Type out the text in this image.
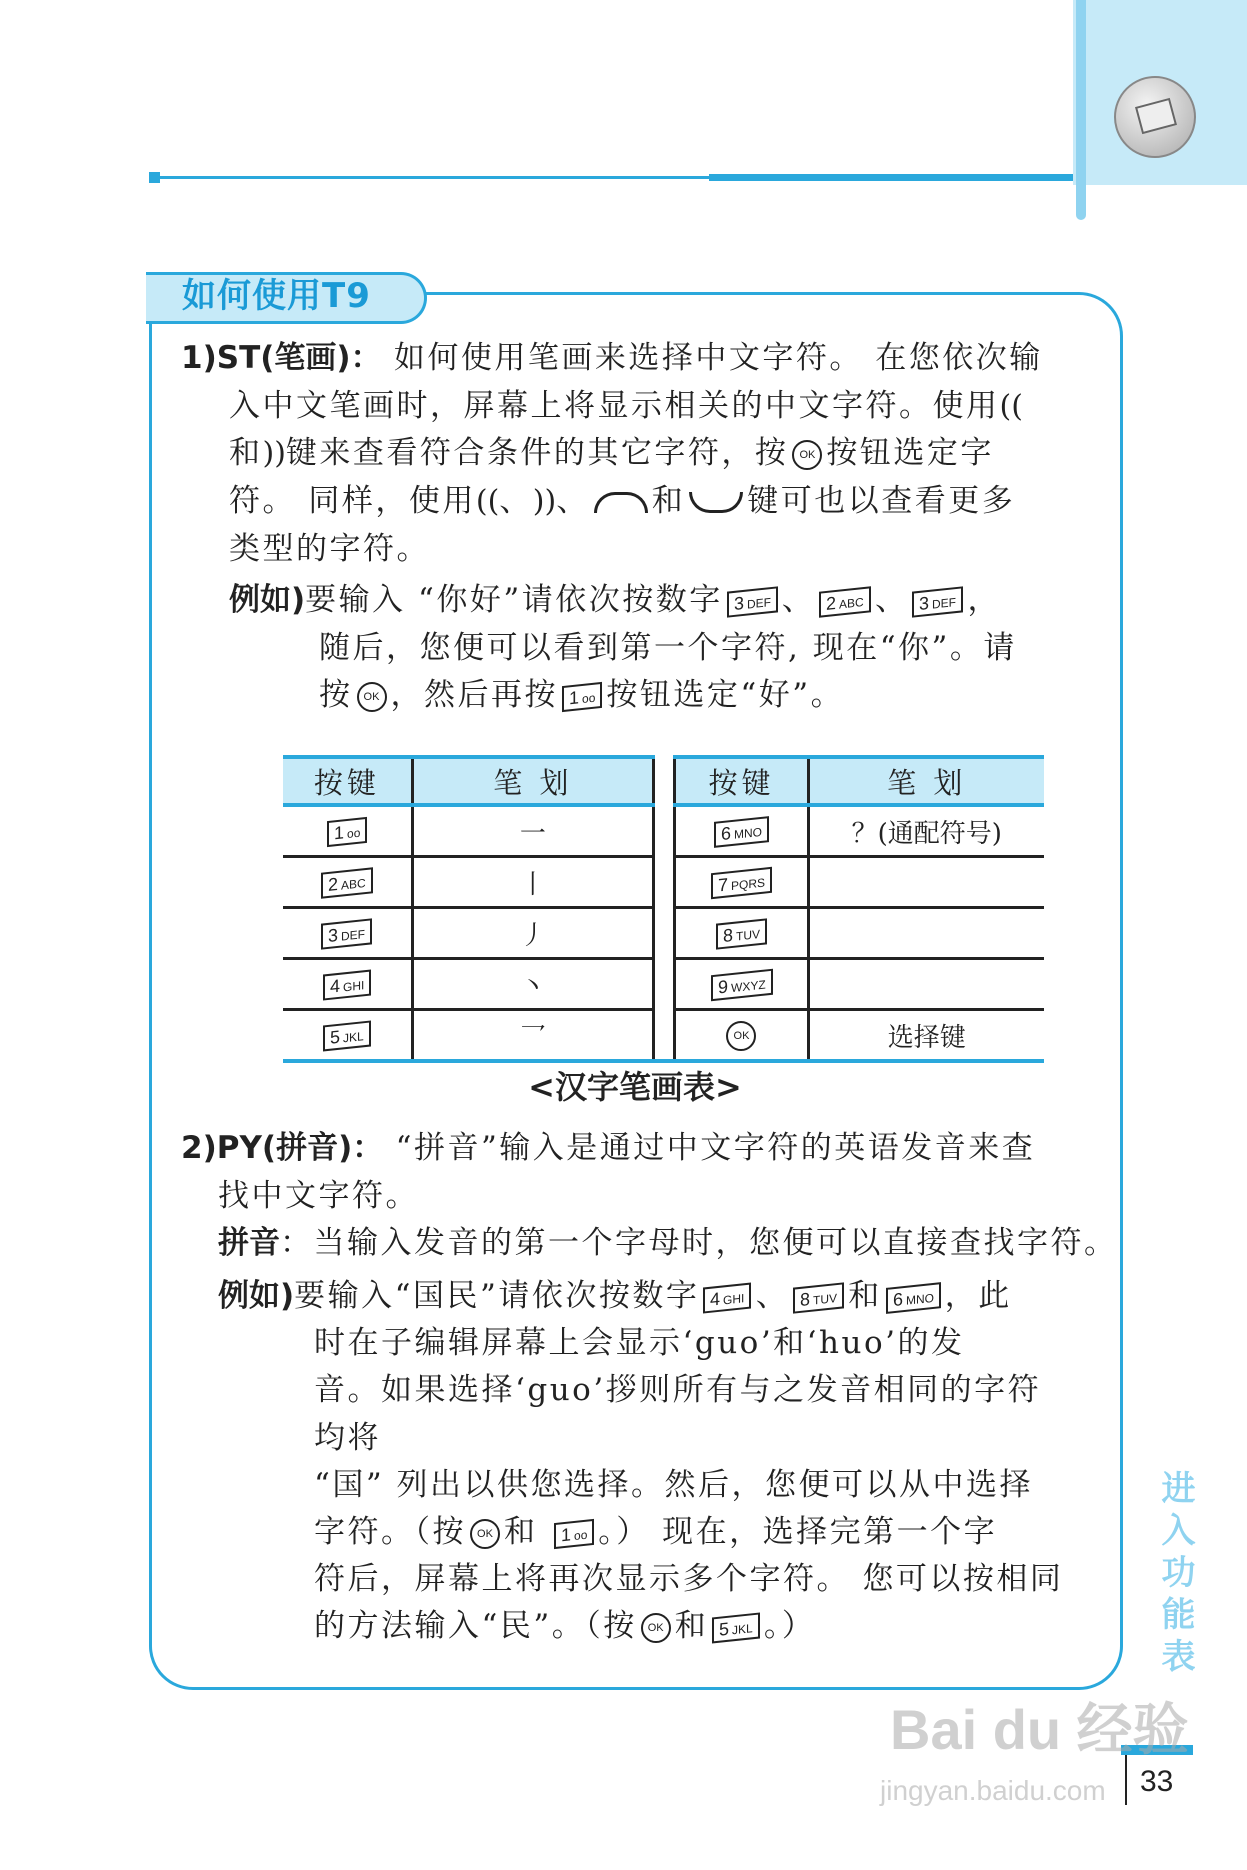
如何使用T9
1)ST(笔画)： 如何使用笔画来选择中文字符。 在您依次输
入中文笔画时，屏幕上将显示相关的中文字符。使用((
和))键来查看符合条件的其它字符，按 OK 按钮选定字
符。 同样，使用((、))、 和 键可也以查看更多
类型的字符。
例如)要输入 “你好”请依次按数字 3 DEF 、 2 ABC 、 3 DEF ，
随后，您便可以看到第一个字符, 现在“你”。请
按 OK ，然后再按 1 oo 按钮选定“好”。
按键	笔 划		按键	笔 划
1 oo	一		6 MNO	？(通配符号)
2 ABC	丨		7 PQRS	
3 DEF	丿		8 TUV	
4 GHI	丶		9 WXYZ	
5 JKL	乛		OK	选择键
<汉字笔画表>
2)PY(拼音)： “拼音”输入是通过中文字符的英语发音来查
找中文字符。
拼音：当输入发音的第一个字母时，您便可以直接查找字符。
例如)要输入“国民”请依次按数字 4 GHI 、 8 TUV 和 6 MNO ，此
时在子编辑屏幕上会显示‘guo’和‘huo’的发
音。如果选择‘guo’拶则所有与之发音相同的字符
均将
“国” 列出以供您选择。然后，您便可以从中选择
字符。（按 OK 和 1 oo 。） 现在，选择完第一个字
符后，屏幕上将再次显示多个字符。 您可以按相同
的方法输入“民”。（按 OK 和 5 JKL 。）	进入功能表
33
Bai du 经验
jingyan.baidu.com
